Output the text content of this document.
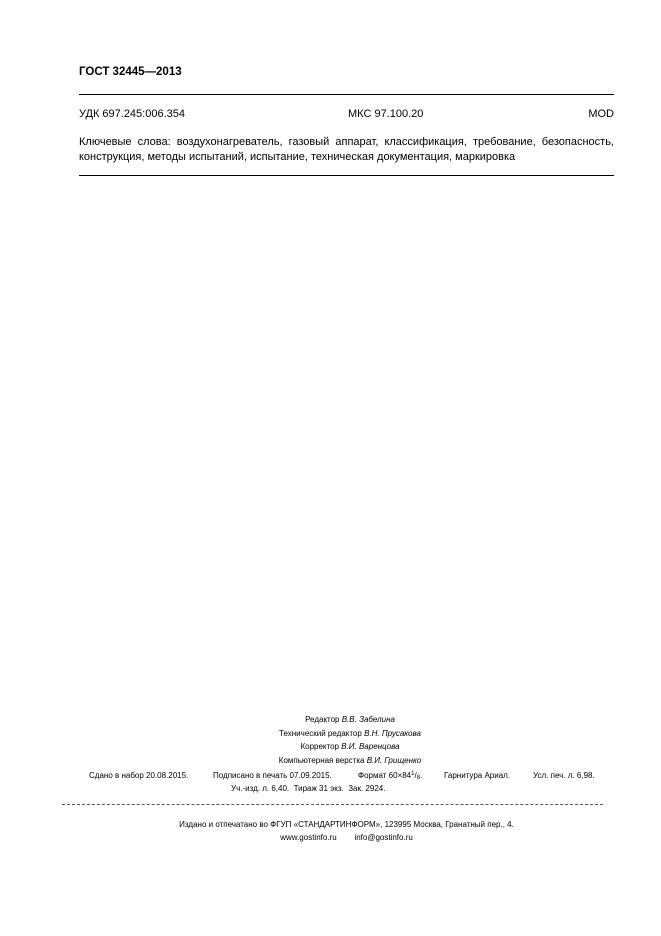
ГОСТ 32445—2013
УДК 697.245:006.354	МКС 97.100.20	MOD
Ключевые слова: воздухонагреватель, газовый аппарат, классификация, требование, безопасность, конструкция, методы испытаний, испытание, техническая документация, маркировка
Редактор В.В. Забелина
Технический редактор В.Н. Прусакова
Корректор В.И. Варенцова
Компьютерная верстка В.И. Грищенко
Сдано в набор 20.08.2015.	Подписано в печать 07.09.2015.	Формат $60\times 84^1/_8$.	Гарнитура Ариал.	Усл. печ. л. 6,98.
Уч.-изд. л. 6,40. Тираж 31 экз. Зак. 2924.
Издано и отпечатано во ФГУП «СТАНДАРТИНФОРМ», 123995 Москва, Гранатный пер., 4.
www.gostinfo.ru info@gostinfo.ru
